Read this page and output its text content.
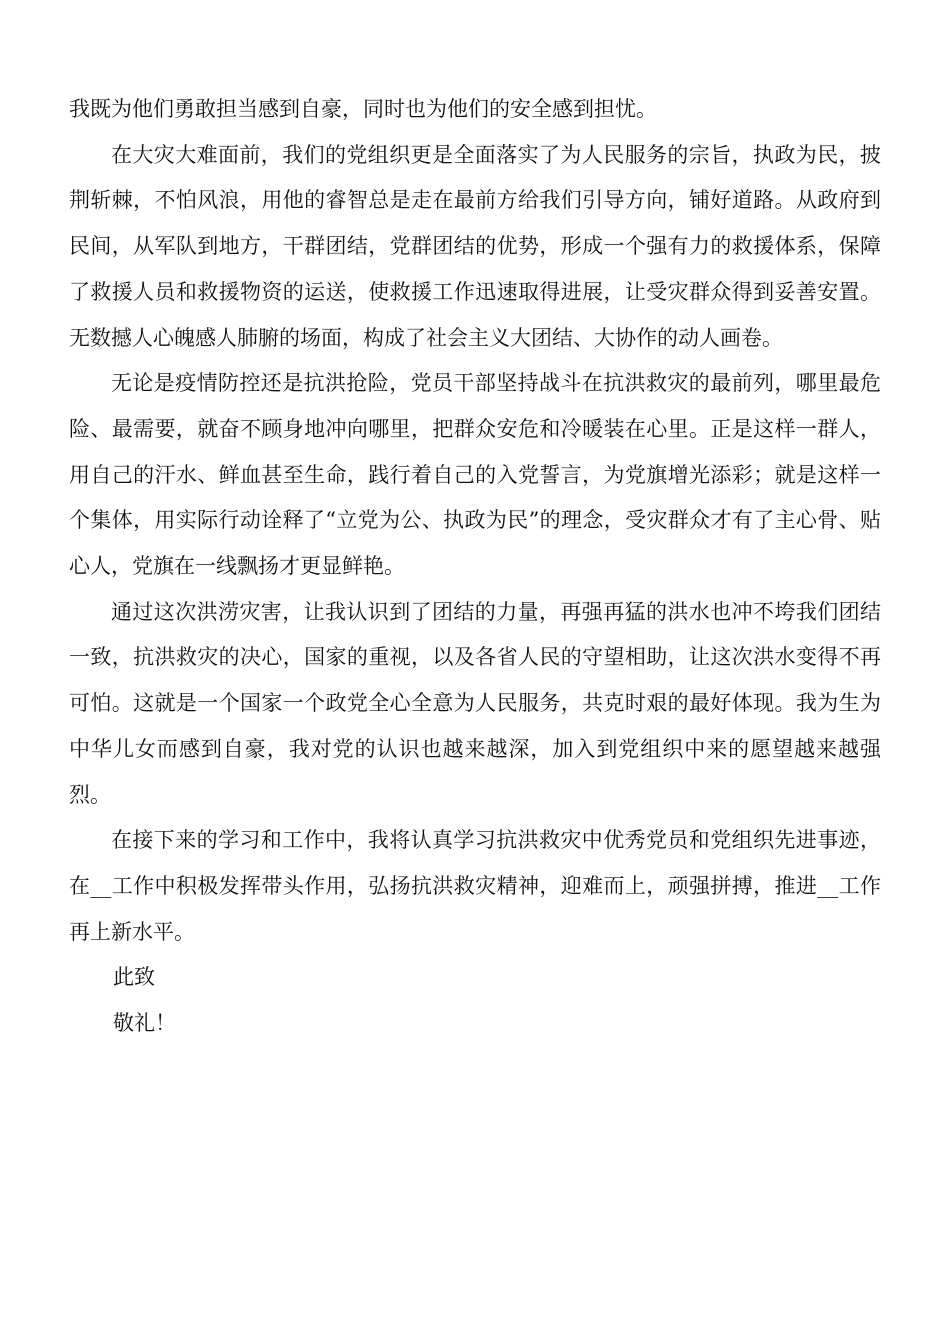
我既为他们勇敢担当感到自豪，同时也为他们的安全感到担忧。

在大灾大难面前，我们的党组织更是全面落实了为人民服务的宗旨，执政为民，披荆斩棘，不怕风浪，用他的睿智总是走在最前方给我们引导方向，铺好道路。从政府到民间，从军队到地方，干群团结，党群团结的优势，形成一个强有力的救援体系，保障了救援人员和救援物资的运送，使救援工作迅速取得进展，让受灾群众得到妥善安置。无数撼人心魄感人肺腑的场面，构成了社会主义大团结、大协作的动人画卷。

无论是疫情防控还是抗洪抢险，党员干部坚持战斗在抗洪救灾的最前列，哪里最危险、最需要，就奋不顾身地冲向哪里，把群众安危和冷暖装在心里。正是这样一群人，用自己的汗水、鲜血甚至生命，践行着自己的入党誓言，为党旗增光添彩；就是这样一个集体，用实际行动诠释了“立党为公、执政为民”的理念，受灾群众才有了主心骨、贴心人，党旗在一线飘扬才更显鲜艳。

通过这次洪涝灾害，让我认识到了团结的力量，再强再猛的洪水也冲不垮我们团结一致，抗洪救灾的决心，国家的重视，以及各省人民的守望相助，让这次洪水变得不再可怕。这就是一个国家一个政党全心全意为人民服务，共克时艰的最好体现。我为生为中华儿女而感到自豪，我对党的认识也越来越深，加入到党组织中来的愿望越来越强烈。

在接下来的学习和工作中，我将认真学习抗洪救灾中优秀党员和党组织先进事迹，在__工作中积极发挥带头作用，弘扬抗洪救灾精神，迎难而上，顽强拼搏，推进__工作再上新水平。

此致

敬礼！
